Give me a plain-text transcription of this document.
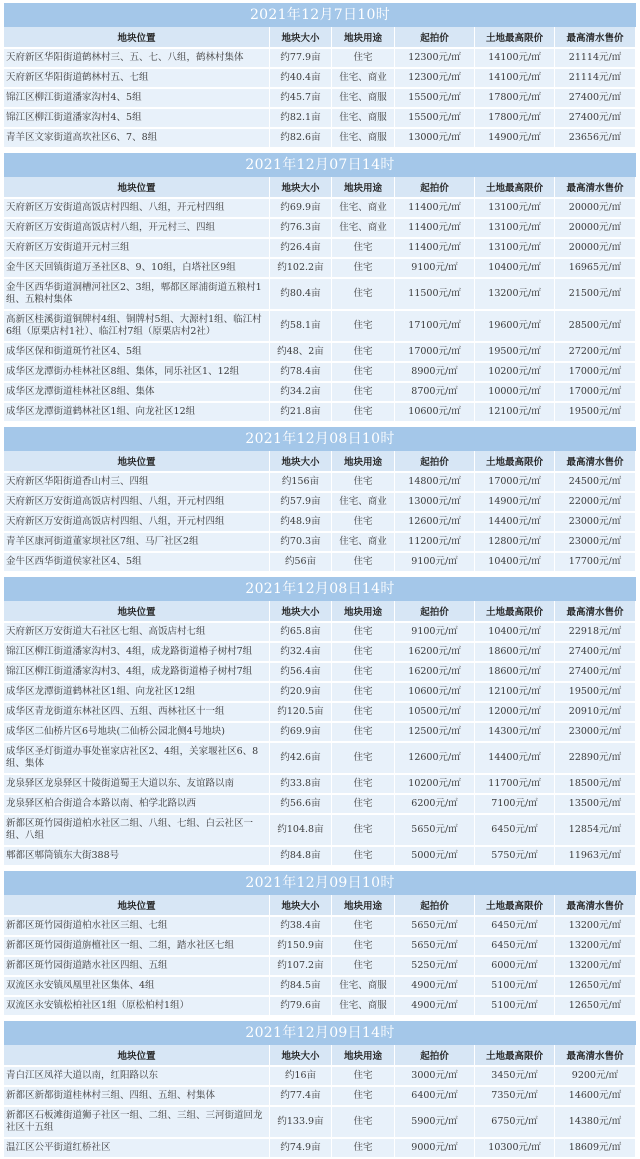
2021年12月7日10时
地块位置	地块大小	地块用途	起拍价	土地最高限价	最高清水售价
天府新区华阳街道鹤林村三、五、七、八组，鹤林村集体	约77.9亩	住宅	12300元/㎡	14100元/㎡	21114元/㎡
天府新区华阳街道鹤林村五、七组	约40.4亩	住宅、商业	12300元/㎡	14100元/㎡	21114元/㎡
锦江区柳江街道潘家沟村4、5组	约45.7亩	住宅、商服	15500元/㎡	17800元/㎡	27400元/㎡
锦江区柳江街道潘家沟村4、5组	约82.1亩	住宅、商服	15500元/㎡	17800元/㎡	27400元/㎡
青羊区文家街道高坎社区6、7、8组	约82.6亩	住宅、商服	13000元/㎡	14900元/㎡	23656元/㎡
2021年12月07日14时
地块位置	地块大小	地块用途	起拍价	土地最高限价	最高清水售价
天府新区万安街道高饭店村四组、八组，开元村四组	约69.9亩	住宅、商业	11400元/㎡	13100元/㎡	20000元/㎡
天府新区万安街道高饭店村八组，开元村三、四组	约76.3亩	住宅、商业	11400元/㎡	13100元/㎡	20000元/㎡
天府新区万安街道开元村三组	约26.4亩	住宅	11400元/㎡	13100元/㎡	20000元/㎡
金牛区天回镇街道万圣社区8、9、10组，白塔社区9组	约102.2亩	住宅	9100元/㎡	10400元/㎡	16965元/㎡
金牛区西华街道洞槽河社区2、3组，郫都区犀浦街道五粮村1组、五粮村集体	约80.4亩	住宅	11500元/㎡	13200元/㎡	21500元/㎡
高新区桂溪街道铜牌村4组、铜牌村5组、大源村1组、临江村6组（原栗店村1社）、临江村7组（原栗店村2社）	约58.1亩	住宅	17100元/㎡	19600元/㎡	28500元/㎡
成华区保和街道斑竹社区4、5组	约48、2亩	住宅	17000元/㎡	19500元/㎡	27200元/㎡
成华区龙潭街办桂林社区8组、集体，同乐社区1、12组	约78.4亩	住宅	8900元/㎡	10200元/㎡	17000元/㎡
成华区龙潭街道桂林社区8组、集体	约34.2亩	住宅	8700元/㎡	10000元/㎡	17000元/㎡
成华区龙潭街道鹤林社区1组、向龙社区12组	约21.8亩	住宅	10600元/㎡	12100元/㎡	19500元/㎡
2021年12月08日10时
地块位置	地块大小	地块用途	起拍价	土地最高限价	最高清水售价
天府新区华阳街道香山村三、四组	约156亩	住宅	14800元/㎡	17000元/㎡	24500元/㎡
天府新区万安街道高饭店村四组、八组，开元村四组	约57.9亩	住宅、商业	13000元/㎡	14900元/㎡	22000元/㎡
天府新区万安街道高饭店村四组、八组，开元村四组	约48.9亩	住宅	12600元/㎡	14400元/㎡	23000元/㎡
青羊区康河街道董家坝社区7组、马厂社区2组	约70.3亩	住宅、商业	11200元/㎡	12800元/㎡	23000元/㎡
金牛区西华街道侯家社区4、5组	约56亩	住宅	9100元/㎡	10400元/㎡	17700元/㎡
2021年12月08日14时
地块位置	地块大小	地块用途	起拍价	土地最高限价	最高清水售价
天府新区万安街道大石社区七组、高饭店村七组	约65.8亩	住宅	9100元/㎡	10400元/㎡	22918元/㎡
锦江区柳江街道潘家沟村3、4组，成龙路街道椿子树村7组	约32.4亩	住宅	16200元/㎡	18600元/㎡	27400元/㎡
锦江区柳江街道潘家沟村3、4组，成龙路街道椿子树村7组	约56.4亩	住宅	16200元/㎡	18600元/㎡	27400元/㎡
成华区龙潭街道鹤林社区1组、向龙社区12组	约20.9亩	住宅	10600元/㎡	12100元/㎡	19500元/㎡
成华区青龙街道东林社区四、五组、西林社区十一组	约120.5亩	住宅	10500元/㎡	12000元/㎡	20910元/㎡
成华区二仙桥片区6号地块(二仙桥公园北侧4号地块)	约69.9亩	住宅	12500元/㎡	14300元/㎡	23000元/㎡
成华区圣灯街道办事处崔家店社区2、4组，关家堰社区6、8组、集体	约42.6亩	住宅	12600元/㎡	14400元/㎡	22890元/㎡
龙泉驿区龙泉驿区十陵街道蜀王大道以东、友谊路以南	约33.8亩	住宅	10200元/㎡	11700元/㎡	18500元/㎡
龙泉驿区柏合街道合本路以南、柏学北路以西	约56.6亩	住宅	6200元/㎡	7100元/㎡	13500元/㎡
新都区斑竹园街道柏水社区二组、八组、七组、白云社区一组、八组	约104.8亩	住宅	5650元/㎡	6450元/㎡	12854元/㎡
郫都区郫筒镇东大街388号	约84.8亩	住宅	5000元/㎡	5750元/㎡	11963元/㎡
2021年12月09日10时
地块位置	地块大小	地块用途	起拍价	土地最高限价	最高清水售价
新都区斑竹园街道柏水社区三组、七组	约38.4亩	住宅	5650元/㎡	6450元/㎡	13200元/㎡
新都区斑竹园街道旃檀社区一组、二组，踏水社区七组	约150.9亩	住宅	5650元/㎡	6450元/㎡	13200元/㎡
新都区斑竹园街道踏水社区四组、五组	约107.2亩	住宅	5250元/㎡	6000元/㎡	13200元/㎡
双流区永安镇凤凰里社区集体、4组	约84.5亩	住宅、商服	4900元/㎡	5100元/㎡	12650元/㎡
双流区永安镇松柏社区1组（原松柏村1组）	约79.6亩	住宅、商服	4900元/㎡	5100元/㎡	12650元/㎡
2021年12月09日14时
地块位置	地块大小	地块用途	起拍价	土地最高限价	最高清水售价
青白江区凤祥大道以南，红阳路以东	约16亩	住宅	3000元/㎡	3450元/㎡	9200元/㎡
新都区新都街道桂林村三组、四组、五组、村集体	约77.4亩	住宅	6400元/㎡	7350元/㎡	14600元/㎡
新都区石板滩街道狮子社区一组、二组、三组、三河街道回龙社区十五组	约133.9亩	住宅	5900元/㎡	6750元/㎡	14380元/㎡
温江区公平街道红桥社区	约74.9亩	住宅	9000元/㎡	10300元/㎡	18609元/㎡
